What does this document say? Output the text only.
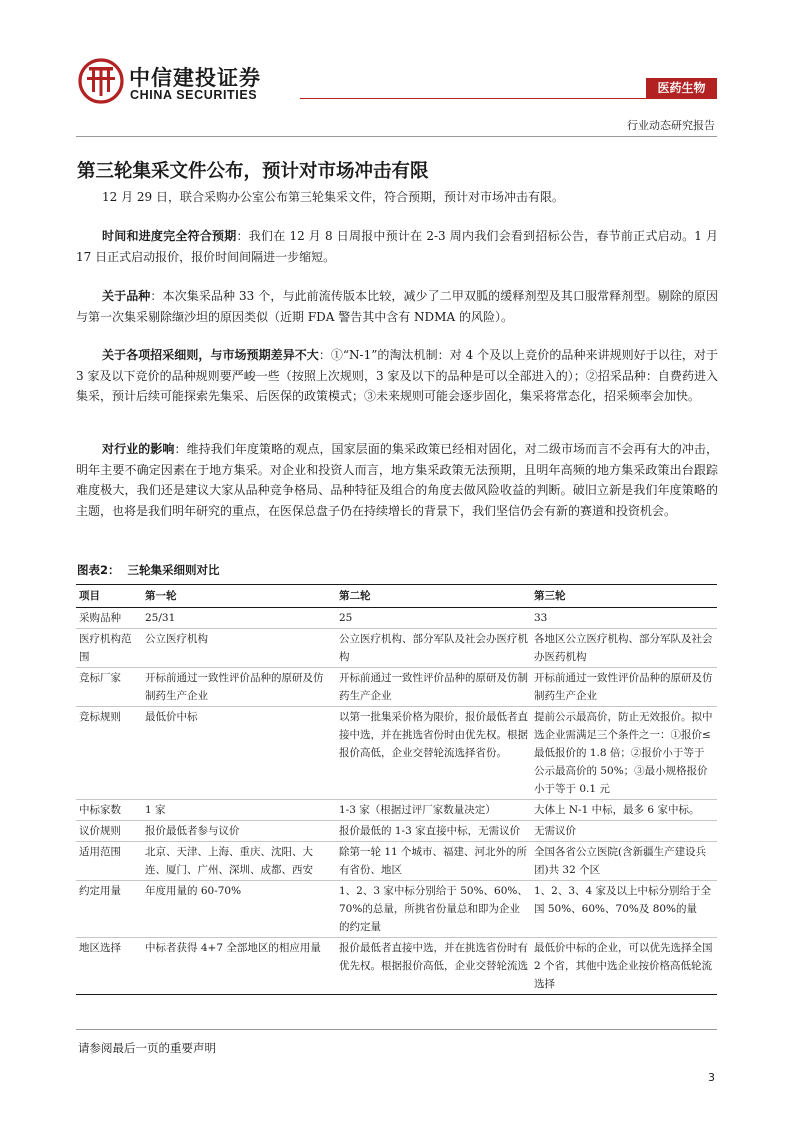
中信建投证券
CHINA SECURITIES	医药生物
行业动态研究报告
第三轮集采文件公布，预计对市场冲击有限

12 月 29 日，联合采购办公室公布第三轮集采文件，符合预期，预计对市场冲击有限。

时间和进度完全符合预期：我们在 12 月 8 日周报中预计在 2-3 周内我们会看到招标公告，春节前正式启动。1 月 17 日正式启动报价，报价时间间隔进一步缩短。

关于品种：本次集采品种 33 个，与此前流传版本比较，减少了二甲双胍的缓释剂型及其口服常释剂型。剔除的原因与第一次集采剔除缬沙坦的原因类似（近期 FDA 警告其中含有 NDMA 的风险）。

关于各项招采细则，与市场预期差异不大：①“N-1”的淘汰机制：对 4 个及以上竞价的品种来讲规则好于以往，对于 3 家及以下竞价的品种规则要严峻一些（按照上次规则，3 家及以下的品种是可以全部进入的）；②招采品种：自费药进入集采，预计后续可能探索先集采、后医保的政策模式；③未来规则可能会逐步固化，集采将常态化，招采频率会加快。

对行业的影响：维持我们年度策略的观点，国家层面的集采政策已经相对固化，对二级市场而言不会再有大的冲击，明年主要不确定因素在于地方集采。对企业和投资人而言，地方集采政策无法预期，且明年高频的地方集采政策出台跟踪难度极大，我们还是建议大家从品种竞争格局、品种特征及组合的角度去做风险收益的判断。破旧立新是我们年度策略的主题，也将是我们明年研究的重点，在医保总盘子仍在持续增长的背景下，我们坚信仍会有新的赛道和投资机会。

图表2： 三轮集采细则对比
项目	第一轮	第二轮	第三轮
采购品种	25/31	25	33
医疗机构范围	公立医疗机构	公立医疗机构、部分军队及社会办医疗机构	各地区公立医疗机构、部分军队及社会办医药机构
竞标厂家	开标前通过一致性评价品种的原研及仿制药生产企业	开标前通过一致性评价品种的原研及仿制药生产企业	开标前通过一致性评价品种的原研及仿制药生产企业
竞标规则	最低价中标	以第一批集采价格为限价，报价最低者直接中选，并在挑选省份时由优先权。根据报价高低，企业交替轮流选择省份。	提前公示最高价，防止无效报价。拟中选企业需满足三个条件之一：①报价≤最低报价的 1.8 倍；②报价小于等于公示最高价的 50%；③最小规格报价小于等于 0.1 元
中标家数	1 家	1-3 家（根据过评厂家数量决定）	大体上 N-1 中标，最多 6 家中标。
议价规则	报价最低者参与议价	报价最低的 1-3 家直接中标，无需议价	无需议价
适用范围	北京、天津、上海、重庆、沈阳、大连、厦门、广州、深圳、成都、西安	除第一轮 11 个城市、福建、河北外的所有省份、地区	全国各省公立医院(含新疆生产建设兵团)共 32 个区
约定用量	年度用量的 60-70%	1、2、3 家中标分别给于 50%、60%、70%的总量，所挑省份量总和即为企业的约定量	1、2、3、4 家及以上中标分别给于全国 50%、60%、70%及 80%的量
地区选择	中标者获得 4+7 全部地区的相应用量	报价最低者直接中选，并在挑选省份时有优先权。根据报价高低，企业交替轮流选	最低价中标的企业，可以优先选择全国 2 个省，其他中选企业按价格高低轮流选择
请参阅最后一页的重要声明
3
